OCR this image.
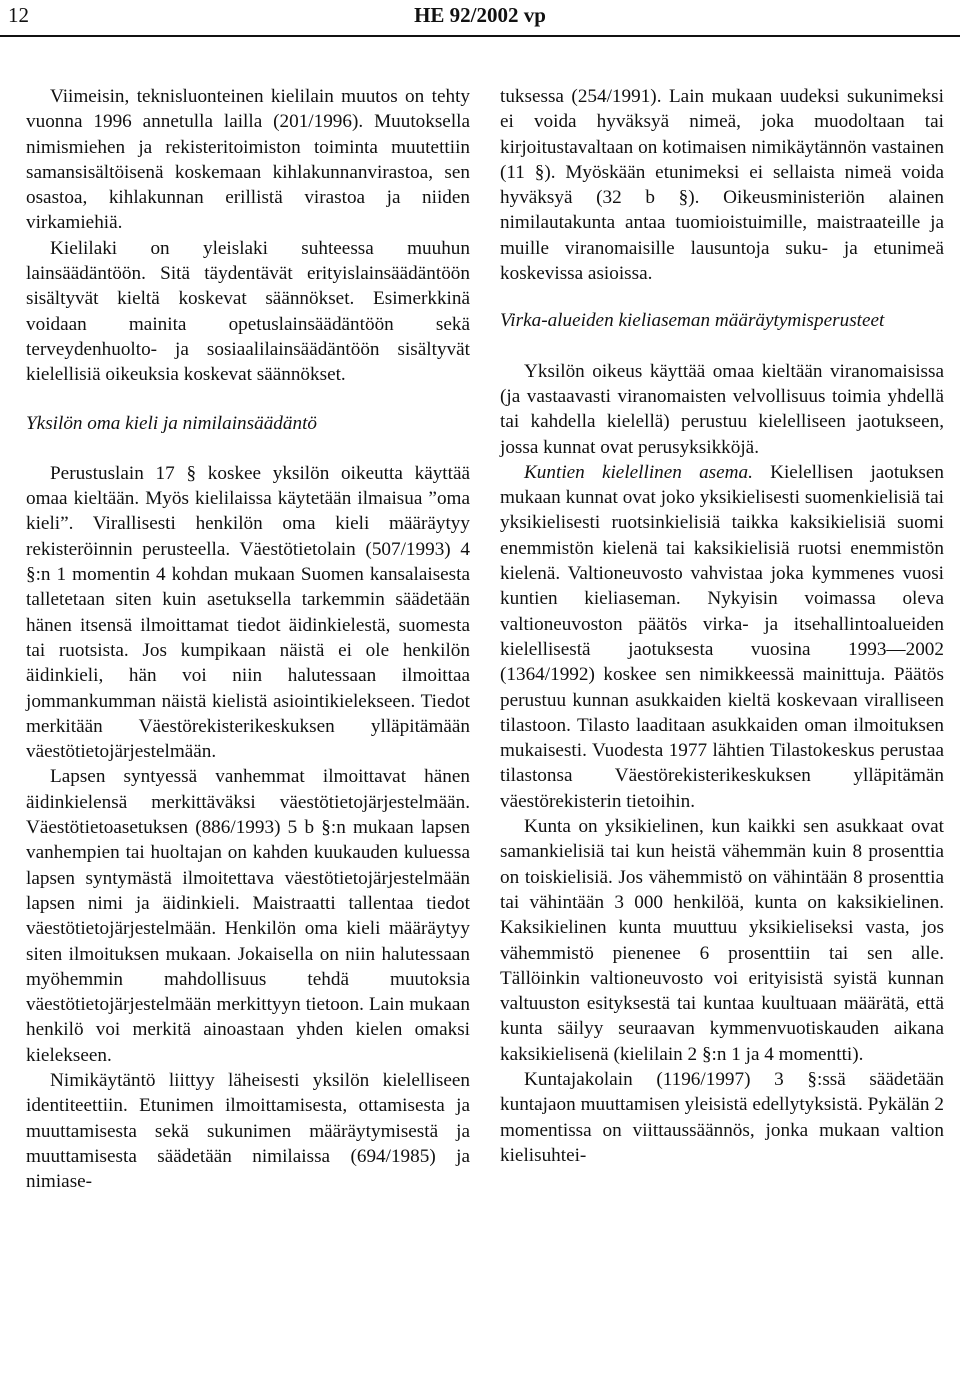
12	HE 92/2002 vp

Viimeisin, teknisluonteinen kielilain muutos on tehty vuonna 1996 annetulla lailla (201/1996). Muutoksella nimismiehen ja rekisteritoimiston toiminta muutettiin samansisältöisenä koskemaan kihlakunnanvirastoa, sen osastoa, kihlakunnan erillistä virastoa ja niiden virkamiehiä.

Kielilaki on yleislaki suhteessa muuhun lainsäädäntöön. Sitä täydentävät erityislainsäädäntöön sisältyvät kieltä koskevat säännökset. Esimerkkinä voidaan mainita opetuslainsäädäntöön sekä terveydenhuolto- ja sosiaalilainsäädäntöön sisältyvät kielellisiä oikeuksia koskevat säännökset.

Yksilön oma kieli ja nimilainsäädäntö

Perustuslain 17 § koskee yksilön oikeutta käyttää omaa kieltään. Myös kielilaissa käytetään ilmaisua ”oma kieli”. Virallisesti henkilön oma kieli määräytyy rekisteröinnin perusteella. Väestötietolain (507/1993) 4 §:n 1 momentin 4 kohdan mukaan Suomen kansalaisesta talletetaan siten kuin asetuksella tarkemmin säädetään hänen itsensä ilmoittamat tiedot äidinkielestä, suomesta tai ruotsista. Jos kumpikaan näistä ei ole henkilön äidinkieli, hän voi niin halutessaan ilmoittaa jommankumman näistä kielistä asiointikielekseen. Tiedot merkitään Väestörekisterikeskuksen ylläpitämään väestötietojärjestelmään.

Lapsen syntyessä vanhemmat ilmoittavat hänen äidinkielensä merkittäväksi väestötietojärjestelmään. Väestötietoasetuksen (886/1993) 5 b §:n mukaan lapsen vanhempien tai huoltajan on kahden kuukauden kuluessa lapsen syntymästä ilmoitettava väestötietojärjestelmään lapsen nimi ja äidinkieli. Maistraatti tallentaa tiedot väestötietojärjestelmään. Henkilön oma kieli määräytyy siten ilmoituksen mukaan. Jokaisella on niin halutessaan myöhemmin mahdollisuus tehdä muutoksia väestötietojärjestelmään merkittyyn tietoon. Lain mukaan henkilö voi merkitä ainoastaan yhden kielen omaksi kielekseen.

Nimikäytäntö liittyy läheisesti yksilön kielelliseen identiteettiin. Etunimen ilmoittamisesta, ottamisesta ja muuttamisesta sekä sukunimen määräytymisestä ja muuttamisesta säädetään nimilaissa (694/1985) ja nimiase-

tuksessa (254/1991). Lain mukaan uudeksi sukunimeksi ei voida hyväksyä nimeä, joka muodoltaan tai kirjoitustavaltaan on kotimaisen nimikäytännön vastainen (11 §). Myöskään etunimeksi ei sellaista nimeä voida hyväksyä (32 b §). Oikeusministeriön alainen nimilautakunta antaa tuomioistuimille, maistraateille ja muille viranomaisille lausuntoja suku- ja etunimeä koskevissa asioissa.

Virka-alueiden kieliaseman määräytymisperusteet

Yksilön oikeus käyttää omaa kieltään viranomaisissa (ja vastaavasti viranomaisten velvollisuus toimia yhdellä tai kahdella kielellä) perustuu kielelliseen jaotukseen, jossa kunnat ovat perusyksikköjä.

Kuntien kielellinen asema. Kielellisen jaotuksen mukaan kunnat ovat joko yksikielisesti suomenkielisiä tai yksikielisesti ruotsinkielisiä taikka kaksikielisiä suomi enemmistön kielenä tai kaksikielisiä ruotsi enemmistön kielenä. Valtioneuvosto vahvistaa joka kymmenes vuosi kuntien kieliaseman. Nykyisin voimassa oleva valtioneuvoston päätös virka- ja itsehallintoalueiden kielellisestä jaotuksesta vuosina 1993—2002 (1364/1992) koskee sen nimikkeessä mainittuja. Päätös perustuu kunnan asukkaiden kieltä koskevaan viralliseen tilastoon. Tilasto laaditaan asukkaiden oman ilmoituksen mukaisesti. Vuodesta 1977 lähtien Tilastokeskus perustaa tilastonsa Väestörekisterikeskuksen ylläpitämän väestörekisterin tietoihin.

Kunta on yksikielinen, kun kaikki sen asukkaat ovat samankielisiä tai kun heistä vähemmän kuin 8 prosenttia on toiskielisiä. Jos vähemmistö on vähintään 8 prosenttia tai vähintään 3 000 henkilöä, kunta on kaksikielinen. Kaksikielinen kunta muuttuu yksikieliseksi vasta, jos vähemmistö pienenee 6 prosenttiin tai sen alle. Tällöinkin valtioneuvosto voi erityisistä syistä kunnan valtuuston esityksestä tai kuntaa kuultuaan määrätä, että kunta säilyy seuraavan kymmenvuotiskauden aikana kaksikielisenä (kielilain 2 §:n 1 ja 4 momentti).

Kuntajakolain (1196/1997) 3 §:ssä säädetään kuntajaon muuttamisen yleisistä edellytyksistä. Pykälän 2 momentissa on viittaussäännös, jonka mukaan valtion kielisuhtei-
